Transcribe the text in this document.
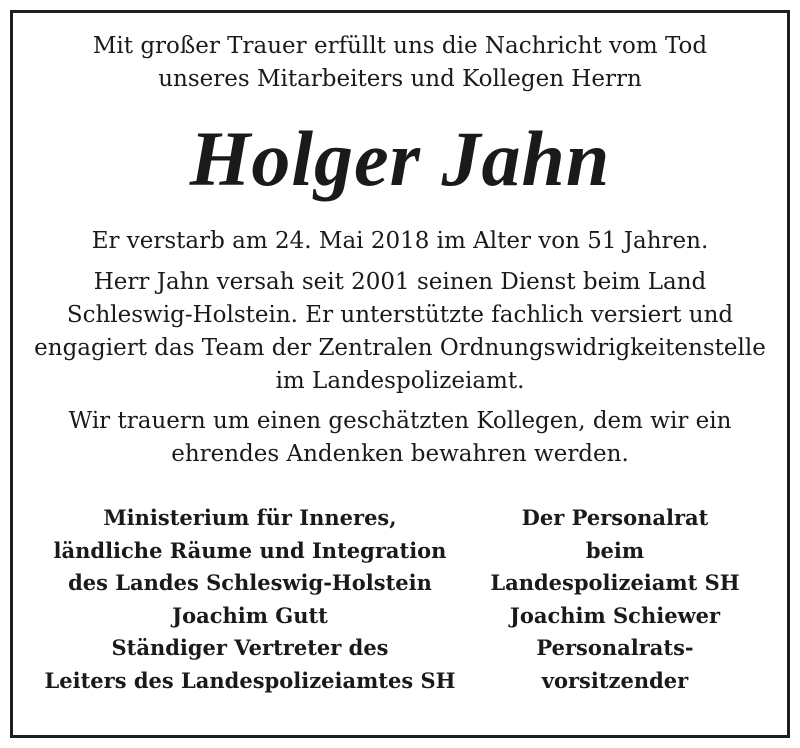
Mit großer Trauer erfüllt uns die Nachricht vom Tod
unseres Mitarbeiters und Kollegen Herrn
Holger Jahn
Er verstarb am 24. Mai 2018 im Alter von 51 Jahren.
Herr Jahn versah seit 2001 seinen Dienst beim Land
Schleswig-Holstein. Er unterstützte fachlich versiert und
engagiert das Team der Zentralen Ordnungswidrigkeitenstelle
im Landespolizeiamt.
Wir trauern um einen geschätzten Kollegen, dem wir ein
ehrendes Andenken bewahren werden.
Ministerium für Inneres,
ländliche Räume und Integration
des Landes Schleswig-Holstein
Joachim Gutt
Ständiger Vertreter des
Leiters des Landespolizeiamtes SH
Der Personalrat
beim
Landespolizeiamt SH
Joachim Schiewer
Personalrats-
vorsitzender
